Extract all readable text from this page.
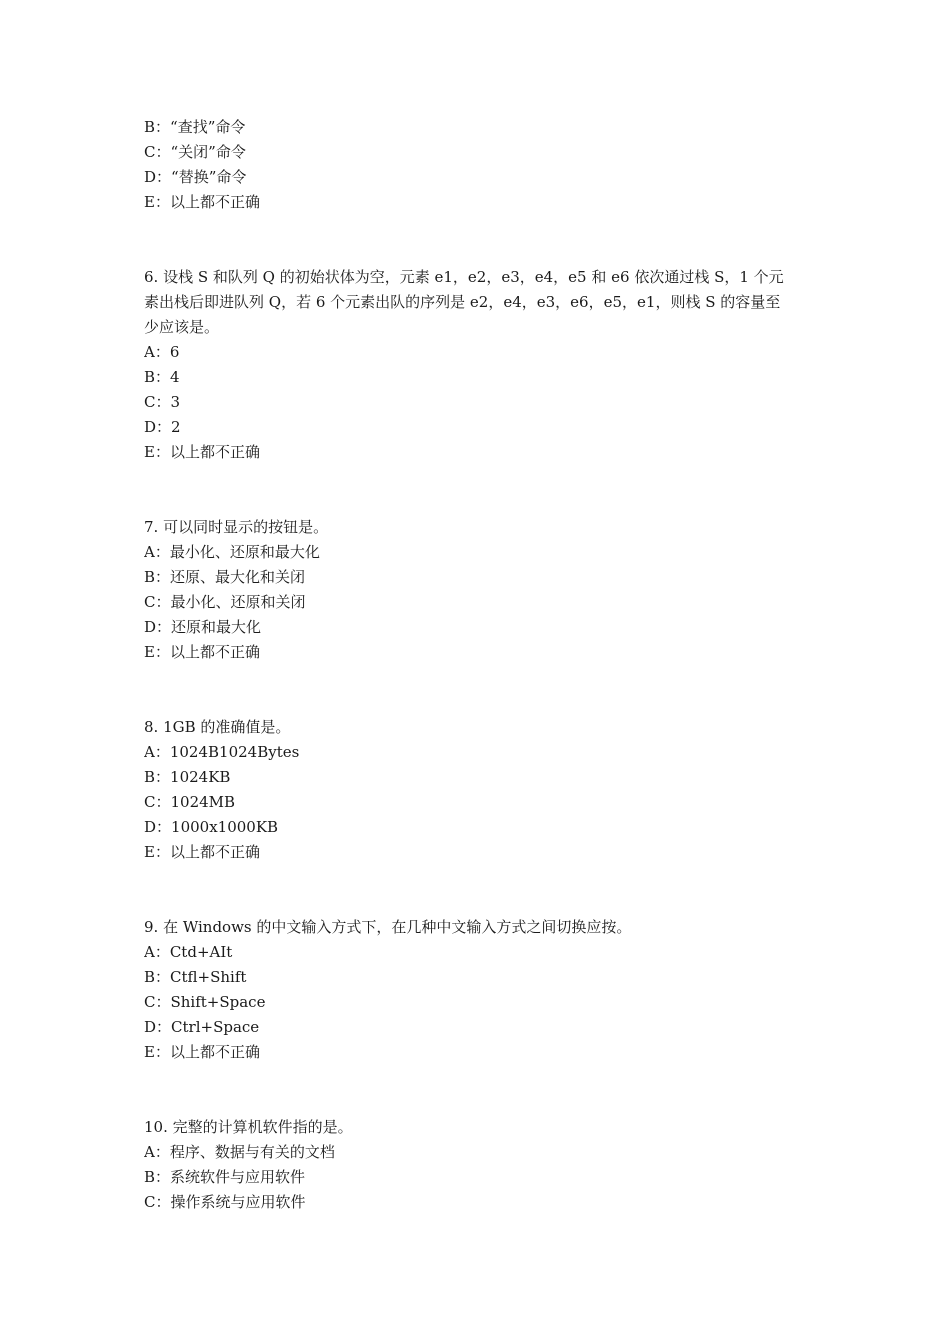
B：“查找”命令
C：“关闭”命令
D：“替换”命令
E：以上都不正确
6. 设栈 S 和队列 Q 的初始状体为空，元素 e1，e2，e3，e4，e5 和 e6 依次通过栈 S，1 个元
素出栈后即进队列 Q，若 6 个元素出队的序列是 e2，e4，e3，e6，e5，e1，则栈 S 的容量至
少应该是。
A：6
B：4
C：3
D：2
E：以上都不正确
7. 可以同时显示的按钮是。
A：最小化、还原和最大化
B：还原、最大化和关闭
C：最小化、还原和关闭
D：还原和最大化
E：以上都不正确
8. 1GB 的准确值是。
A：1024B1024Bytes
B：1024KB
C：1024MB
D：1000x1000KB
E：以上都不正确
9. 在 Windows 的中文输入方式下，在几种中文输入方式之间切换应按。
A：Ctd+AIt
B：Ctfl+Shift
C：Shift+Space
D：Ctrl+Space
E：以上都不正确
10. 完整的计算机软件指的是。
A：程序、数据与有关的文档
B：系统软件与应用软件
C：操作系统与应用软件
